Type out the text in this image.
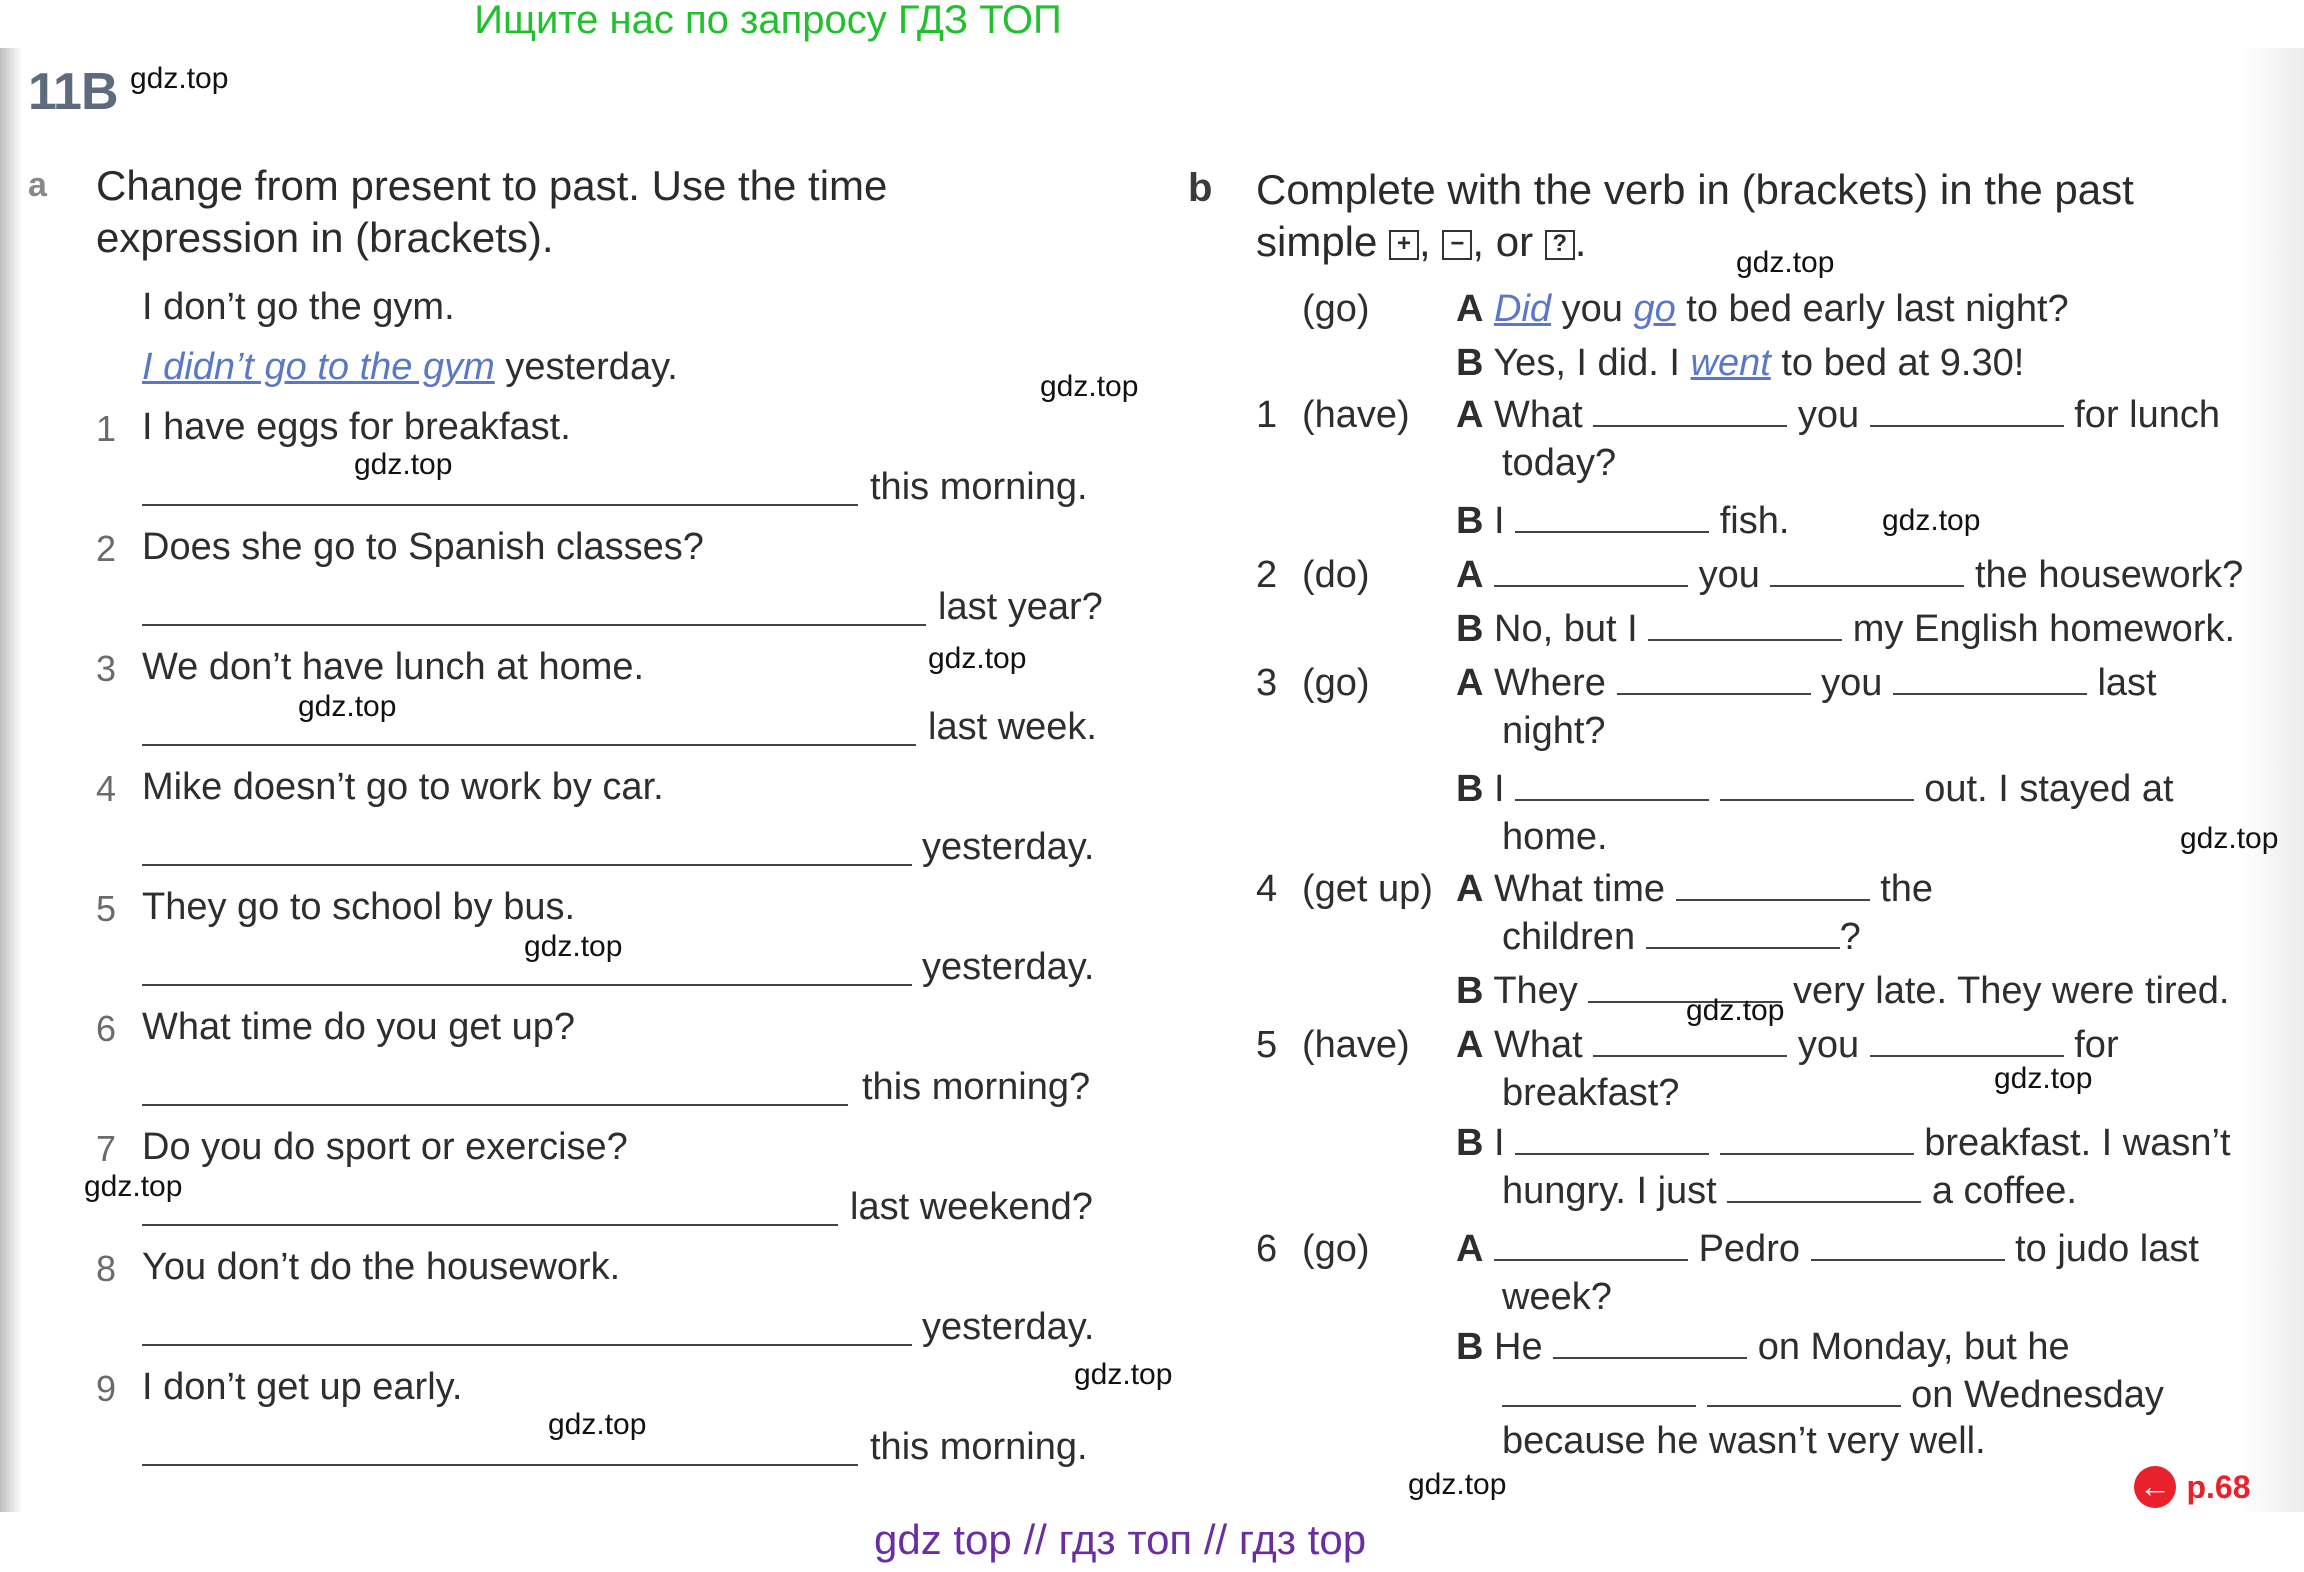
Ищите нас по запросу ГДЗ ТОП
11B
a Change from present to past. Use the time
expression in (brackets).
I don’t go the gym.
I didn’t go to the gym yesterday.
1 I have eggs for breakfast.
this morning.
2 Does she go to Spanish classes?
last year?
3 We don’t have lunch at home.
last week.
4 Mike doesn’t go to work by car.
yesterday.
5 They go to school by bus.
yesterday.
6 What time do you get up?
this morning?
7 Do you do sport or exercise?
last weekend?
8 You don’t do the housework.
yesterday.
9 I don’t get up early.
this morning.
b Complete with the verb in (brackets) in the past
simple + , − , or ? .
(go) A Did you go to bed early last night?
B Yes, I did. I went to bed at 9.30!
1 (have) A What	you	for lunch
today?
B I	fish.
2 (do) A	you	the housework?
B No, but I	my English homework.
3 (go) A Where	you	last
night?
B I	out. I stayed at
home.
4 (get up) A What time	the
children	?
B They	very late. They were tired.
5 (have) A What	you	for
breakfast?
B I	breakfast. I wasn’t
hungry. I just	a coffee.
6 (go) A	Pedro	to judo last
week?
B He	on Monday, but he
on Wednesday
because he wasn’t very well.
← p.68
gdz.top
gdz.top
gdz.top
gdz.top
gdz.top
gdz.top
gdz.top
gdz.top
gdz.top
gdz.top
gdz.top
gdz.top
gdz.top
gdz.top
gdz.top
gdz top // гдз топ // гдз top
